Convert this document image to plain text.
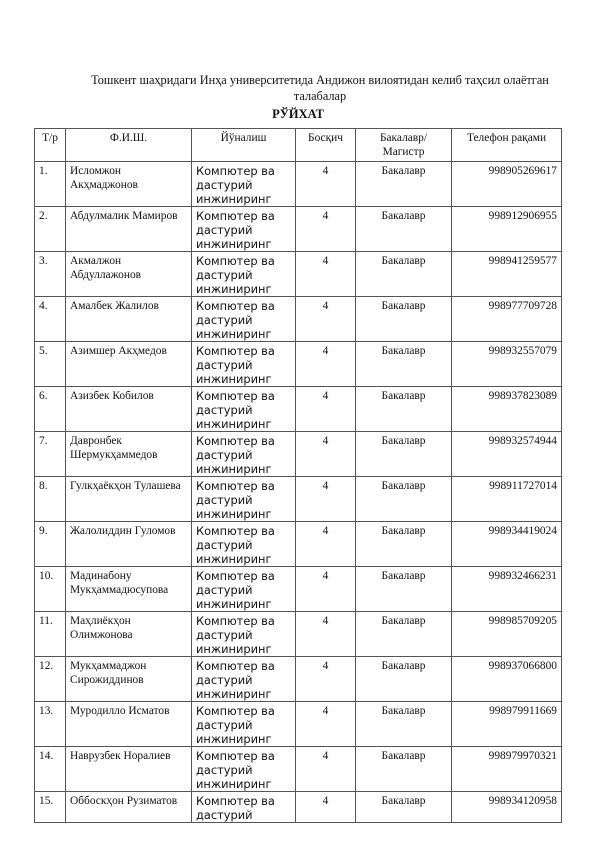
Тошкент шаҳридаги Инҳа университетида Андижон вилоятидан келиб таҳсил олаётган талабалар
РЎЙХАТ
Т/р	Ф.И.Ш.	Йўналиш	Босқич	Бакалавр/ Магистр	Телефон рақами
1.	Исломжон Акҳмаджонов	Компютер ва дастурий инжиниринг	4	Бакалавр	998905269617
2.	Абдулмалик Мамиров	Компютер ва дастурий инжиниринг	4	Бакалавр	998912906955
3.	Акмалжон Абдуллажонов	Компютер ва дастурий инжиниринг	4	Бакалавр	998941259577
4.	Амалбек Жалилов	Компютер ва дастурий инжиниринг	4	Бакалавр	998977709728
5.	Азимшер Акҳмедов	Компютер ва дастурий инжиниринг	4	Бакалавр	998932557079
6.	Азизбек Кобилов	Компютер ва дастурий инжиниринг	4	Бакалавр	998937823089
7.	Давронбек Шермукҳаммедов	Компютер ва дастурий инжиниринг	4	Бакалавр	998932574944
8.	Гулкҳаёкҳон Тулашева	Компютер ва дастурий инжиниринг	4	Бакалавр	998911727014
9.	Жалолиддин Гуломов	Компютер ва дастурий инжиниринг	4	Бакалавр	998934419024
10.	Мадинабону Мукҳаммадюсупова	Компютер ва дастурий инжиниринг	4	Бакалавр	998932466231
11.	Маҳлиёкҳон Олимжонова	Компютер ва дастурий инжиниринг	4	Бакалавр	998985709205
12.	Мукҳаммаджон Сирожиддинов	Компютер ва дастурий инжиниринг	4	Бакалавр	998937066800
13.	Муродилло Исматов	Компютер ва дастурий инжиниринг	4	Бакалавр	998979911669
14.	Наврузбек Норалиев	Компютер ва дастурий инжиниринг	4	Бакалавр	998979970321
15.	Оббоскҳон Рузиматов	Компютер ва дастурий	4	Бакалавр	998934120958
